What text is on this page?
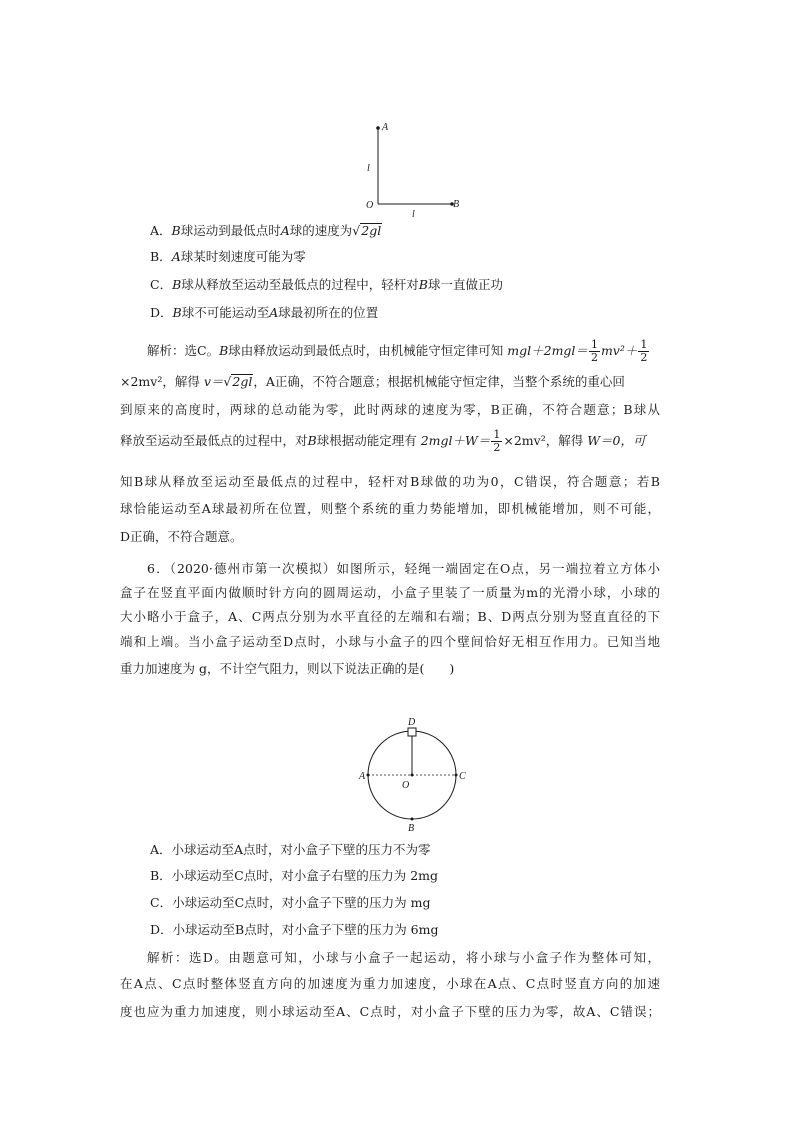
A
B
O
l
l
A．B球运动到最低点时A球的速度为√2gl
B．A球某时刻速度可能为零
C．B球从释放至运动至最低点的过程中，轻杆对B球一直做正功
D．B球不可能运动至A球最初所在的位置
解析：选C。B球由释放运动到最低点时，由机械能守恒定律可知 $mgl+2mgl= \frac{1}{2} mv^2+ \frac{1}{2}$
×2mv²，解得 v＝√2gl，A正确，不符合题意；根据机械能守恒定律，当整个系统的重心回
到原来的高度时，两球的总动能为零，此时两球的速度为零，B正确，不符合题意；B球从
释放至运动至最低点的过程中，对B球根据动能定理有 $2mgl+W= \frac{1}{2} \times 2mv^2$，解得 W＝0，可
知B球从释放至运动至最低点的过程中，轻杆对B球做的功为0，C错误，符合题意；若B
球恰能运动至A球最初所在位置，则整个系统的重力势能增加，即机械能增加，则不可能，
D正确，不符合题意。
6．（2020·德州市第一次模拟）如图所示，轻绳一端固定在O点，另一端拉着立方体小
盒子在竖直平面内做顺时针方向的圆周运动，小盒子里装了一质量为m的光滑小球，小球的
大小略小于盒子，A、C两点分别为水平直径的左端和右端；B、D两点分别为竖直直径的下
端和上端。当小盒子运动至D点时，小球与小盒子的四个壁间恰好无相互作用力。已知当地
重力加速度为 g，不计空气阻力，则以下说法正确的是(　　)
D
A	C
B
O
A．小球运动至A点时，对小盒子下壁的压力不为零
B．小球运动至C点时，对小盒子右壁的压力为 2mg
C．小球运动至C点时，对小盒子下壁的压力为 mg
D．小球运动至B点时，对小盒子下壁的压力为 6mg
解析：选D。由题意可知，小球与小盒子一起运动，将小球与小盒子作为整体可知，
在A点、C点时整体竖直方向的加速度为重力加速度，小球在A点、C点时竖直方向的加速
度也应为重力加速度，则小球运动至A、C点时，对小盒子下壁的压力为零，故A、C错误；
